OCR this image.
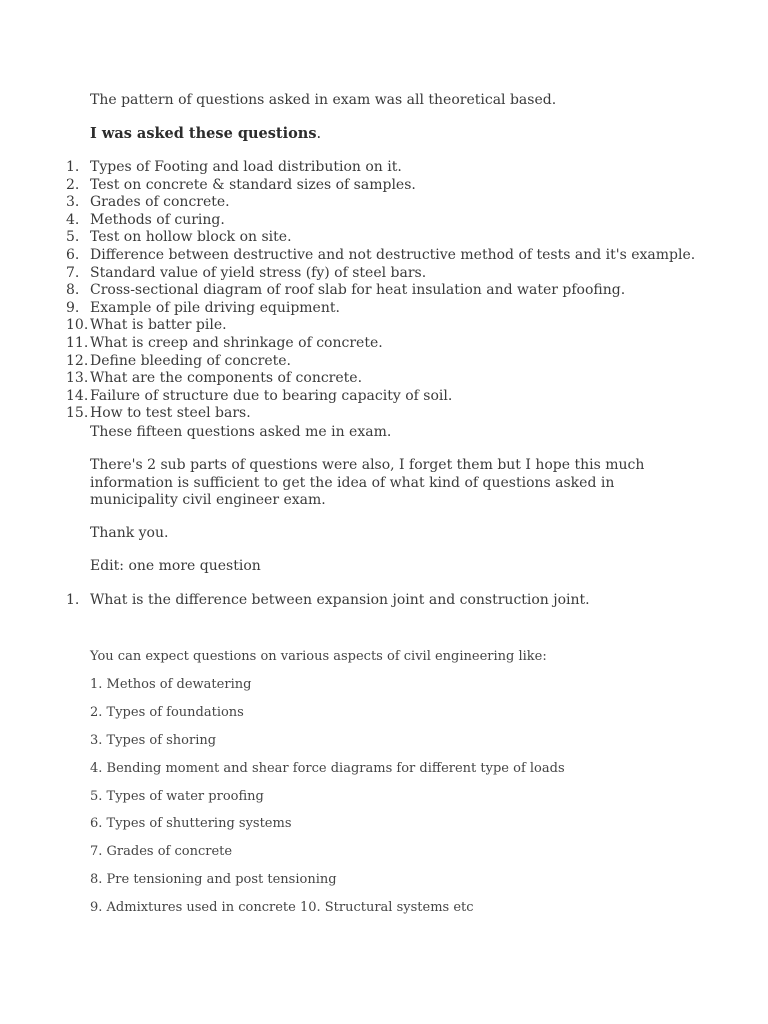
The pattern of questions asked in exam was all theoretical based.
I was asked these questions.
1. Types of Footing and load distribution on it.
2. Test on concrete & standard sizes of samples.
3. Grades of concrete.
4. Methods of curing.
5. Test on hollow block on site.
6. Difference between destructive and not destructive method of tests and it's example.
7. Standard value of yield stress (fy) of steel bars.
8. Cross-sectional diagram of roof slab for heat insulation and water pfoofing.
9. Example of pile driving equipment.
10. What is batter pile.
11. What is creep and shrinkage of concrete.
12. Define bleeding of concrete.
13. What are the components of concrete.
14. Failure of structure due to bearing capacity of soil.
15. How to test steel bars.
These fifteen questions asked me in exam.
There's 2 sub parts of questions were also, I forget them but I hope this much information is sufficient to get the idea of what kind of questions asked in municipality civil engineer exam.
Thank you.
Edit: one more question
1. What is the difference between expansion joint and construction joint.
You can expect questions on various aspects of civil engineering like:
1. Methos of dewatering
2. Types of foundations
3. Types of shoring
4. Bending moment and shear force diagrams for different type of loads
5. Types of water proofing
6. Types of shuttering systems
7. Grades of concrete
8. Pre tensioning and post tensioning
9. Admixtures used in concrete 10. Structural systems etc
